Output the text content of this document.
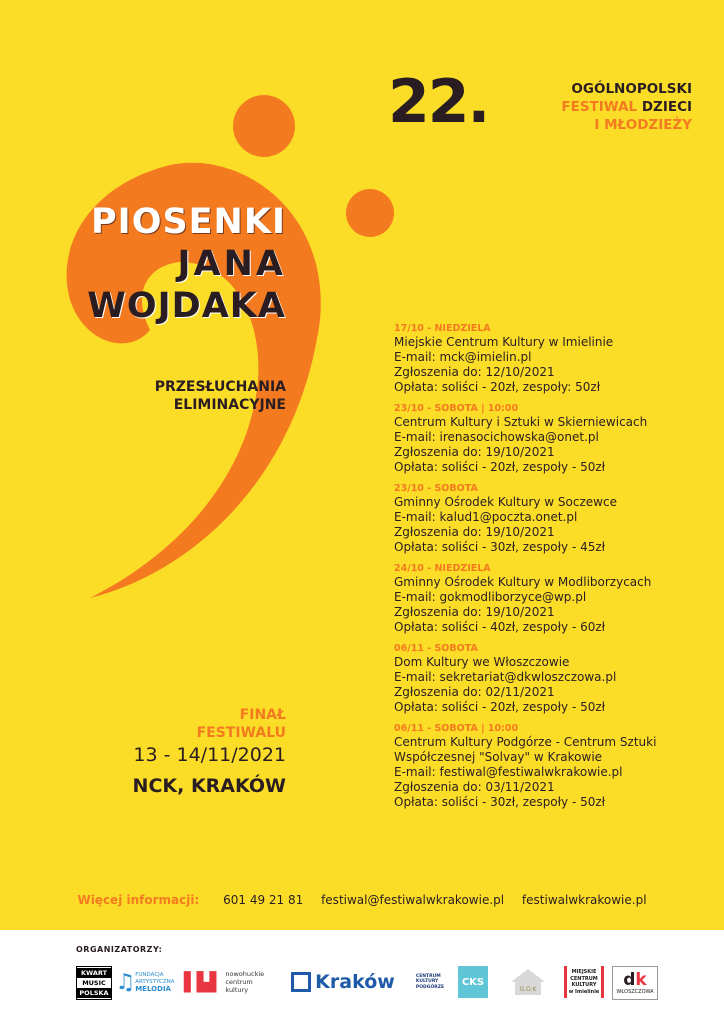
22.	OGÓLNOPOLSKI
FESTIWAL DZIECI
I MŁODZIEŻY
PIOSENKI
JANA
WOJDAKA
PRZESŁUCHANIA
ELIMINACYJNE
FINAŁ
FESTIWALU
13 - 14/11/2021
NCK, KRAKÓW
17/10 - NIEDZIELA
Miejskie Centrum Kultury w Imielinie
E-mail: mck@imielin.pl
Zgłoszenia do: 12/10/2021
Opłata: soliści - 20zł, zespoły: 50zł
23/10 - SOBOTA | 10:00
Centrum Kultury i Sztuki w Skierniewicach
E-mail: irenasocichowska@onet.pl
Zgłoszenia do: 19/10/2021
Opłata: soliści - 20zł, zespoły - 50zł
23/10 - SOBOTA
Gminny Ośrodek Kultury w Soczewce
E-mail: kalud1@poczta.onet.pl
Zgłoszenia do: 19/10/2021
Opłata: soliści - 30zł, zespoły - 45zł
24/10 - NIEDZIELA
Gminny Ośrodek Kultury w Modliborzycach
E-mail: gokmodliborzyce@wp.pl
Zgłoszenia do: 19/10/2021
Opłata: soliści - 40zł, zespoły - 60zł
06/11 - SOBOTA
Dom Kultury we Włoszczowie
E-mail: sekretariat@dkwloszczowa.pl
Zgłoszenia do: 02/11/2021
Opłata: soliści - 20zł, zespoły - 50zł
06/11 - SOBOTA | 10:00
Centrum Kultury Podgórze - Centrum Sztuki
Współczesnej "Solvay" w Krakowie
E-mail: festiwal@festiwalwkrakowie.pl
Zgłoszenia do: 03/11/2021
Opłata: soliści - 30zł, zespoły - 50zł
Więcej informacji: 601 49 21 81 festiwal@festiwalwkrakowie.pl festiwalwkrakowie.pl
ORGANIZATORZY:
KWART
MUSIC
POLSKA ♫ FUNDACJA
ARTYSTYCZNA
MELODIA ▌▙▌ nowohuckie
centrum
kultury	Kraków	CENTRUM
KULTURY
PODGÓRZE	CKS
G.O.K
MIEJSKIE
CENTRUM
KULTURY
w Imielinie
dk
WŁOSZCZOWA
